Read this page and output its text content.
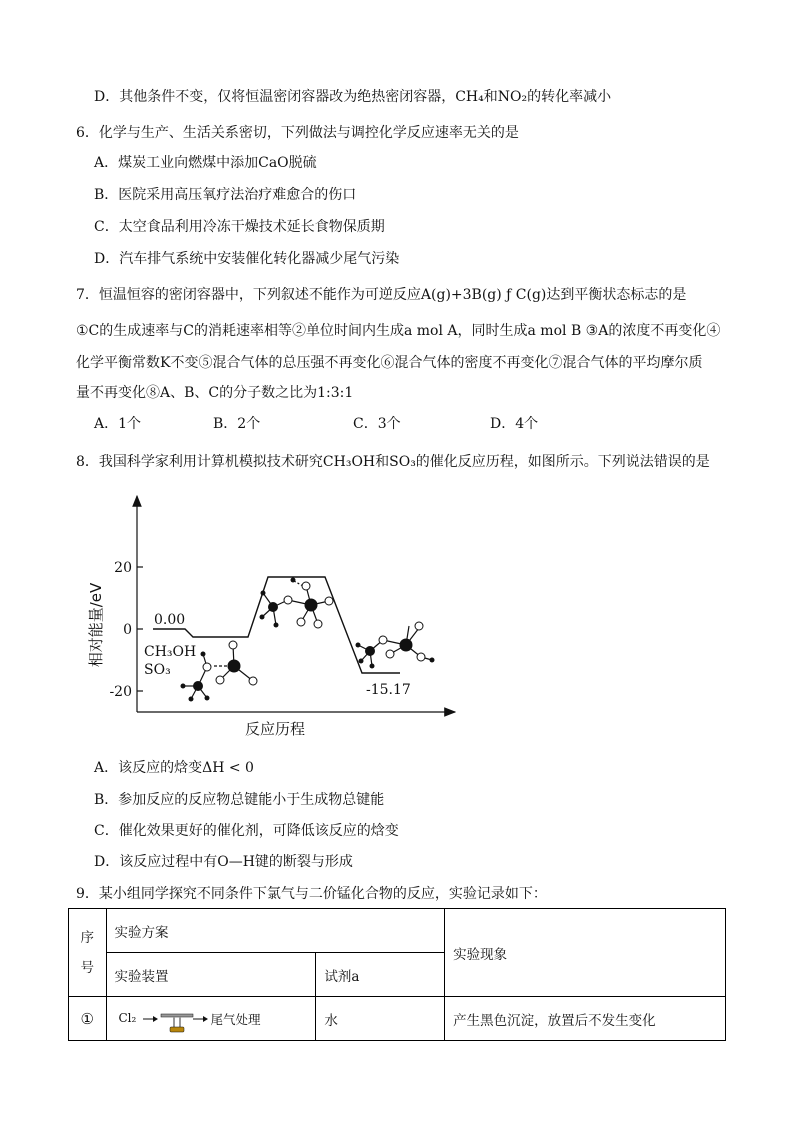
D．其他条件不变，仅将恒温密闭容器改为绝热密闭容器，CH₄和NO₂的转化率减小
6．化学与生产、生活关系密切，下列做法与调控化学反应速率无关的是
A．煤炭工业向燃煤中添加CaO脱硫
B．医院采用高压氧疗法治疗难愈合的伤口
C．太空食品利用冷冻干燥技术延长食物保质期
D．汽车排气系统中安装催化转化器减少尾气污染
7．恒温恒容的密闭容器中，下列叙述不能作为可逆反应A(g)+3B(g) ƒ C(g)达到平衡状态标志的是
①C的生成速率与C的消耗速率相等②单位时间内生成a mol A，同时生成a mol B ③A的浓度不再变化④
化学平衡常数K不变⑤混合气体的总压强不再变化⑥混合气体的密度不再变化⑦混合气体的平均摩尔质
量不再变化⑧A、B、C的分子数之比为1:3:1
A．1个	B．2个	C．3个	D．4个
8．我国科学家利用计算机模拟技术研究CH₃OH和SO₃的催化反应历程，如图所示。下列说法错误的是
相对能量/eV
20
0
-20
0.00
-15.17
CH₃OH
SO₃
反应历程
A．该反应的焓变ΔH < 0
B．参加反应的反应物总键能小于生成物总键能
C．催化效果更好的催化剂，可降低该反应的焓变
D．该反应过程中有O—H键的断裂与形成
9．某小组同学探究不同条件下氯气与二价锰化合物的反应，实验记录如下：
序号	实验方案		实验现象
	实验装置	试剂a	
①	Cl₂ 尾气处理	水	产生黑色沉淀，放置后不发生变化
